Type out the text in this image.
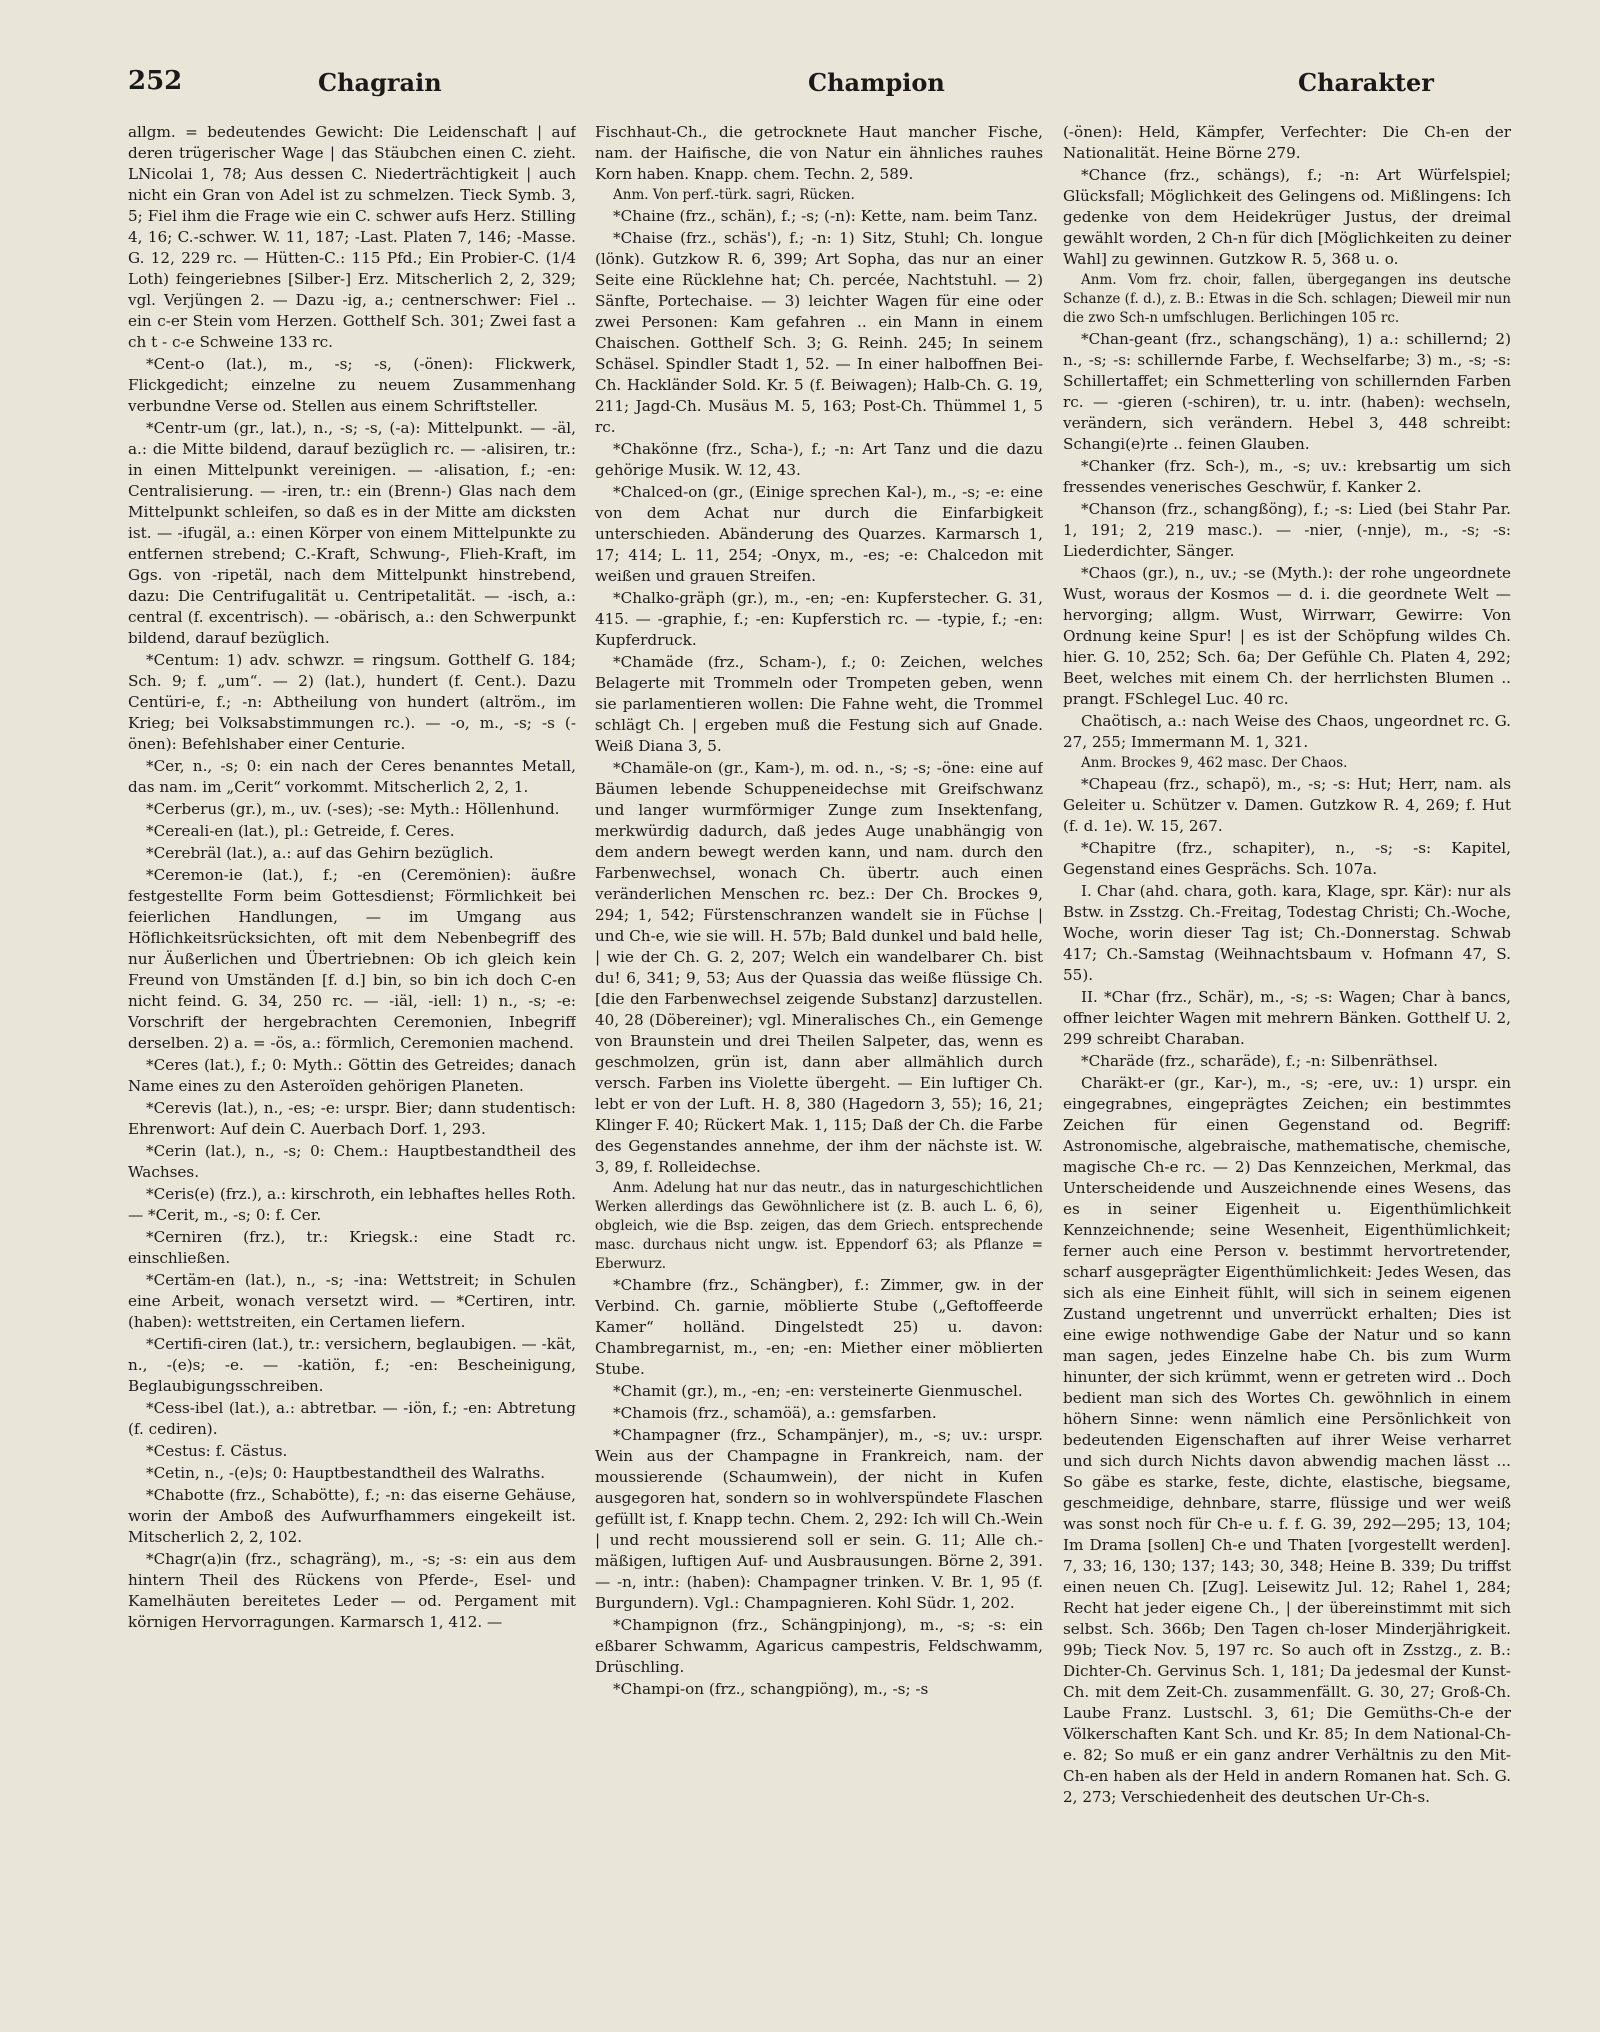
252	Chagrain	Champion	Charakter

allgm. = bedeutendes Gewicht: Die Leidenschaft | auf deren trügerischer Wage | das Stäubchen einen C. zieht. LNicolai 1, 78; Aus dessen C. Niederträchtigkeit | auch nicht ein Gran von Adel ist zu schmelzen. Tieck Symb. 3, 5; Fiel ihm die Frage wie ein C. schwer aufs Herz. Stilling 4, 16; C.-schwer. W. 11, 187; -Last. Platen 7, 146; -Masse. G. 12, 229 rc. — Hütten-C.: 115 Pfd.; Ein Probier-C. (1/4 Loth) feingeriebnes [Silber-] Erz. Mitscherlich 2, 2, 329; vgl. Verjüngen 2. — Dazu -ig, a.; centnerschwer: Fiel .. ein c-er Stein vom Herzen. Gotthelf Sch. 301; Zwei fast a ch t - c-e Schweine 133 rc.

*Cent-o (lat.), m., -s; -s, (-önen): Flickwerk, Flickgedicht; einzelne zu neuem Zusammenhang verbundne Verse od. Stellen aus einem Schriftsteller.

*Centr-um (gr., lat.), n., -s; -s, (-a): Mittelpunkt. — -äl, a.: die Mitte bildend, darauf bezüglich rc. — -alisiren, tr.: in einen Mittelpunkt vereinigen. — -alisation, f.; -en: Centralisierung. — -iren, tr.: ein (Brenn-) Glas nach dem Mittelpunkt schleifen, so daß es in der Mitte am dicksten ist. — -ifugäl, a.: einen Körper von einem Mittelpunkte zu entfernen strebend; C.-Kraft, Schwung-, Flieh-Kraft, im Ggs. von -ripetäl, nach dem Mittelpunkt hinstrebend, dazu: Die Centrifugalität u. Centripetalität. — -isch, a.: central (f. excentrisch). — -obärisch, a.: den Schwerpunkt bildend, darauf bezüglich.

*Centum: 1) adv. schwzr. = ringsum. Gotthelf G. 184; Sch. 9; f. „um“. — 2) (lat.), hundert (f. Cent.). Dazu Centüri-e, f.; -n: Abtheilung von hundert (altröm., im Krieg; bei Volksabstimmungen rc.). — -o, m., -s; -s (-önen): Befehlshaber einer Centurie.

*Cer, n., -s; 0: ein nach der Ceres benanntes Metall, das nam. im „Cerit“ vorkommt. Mitscherlich 2, 2, 1.

*Cerberus (gr.), m., uv. (-ses); -se: Myth.: Höllenhund.

*Cereali-en (lat.), pl.: Getreide, f. Ceres.

*Cerebräl (lat.), a.: auf das Gehirn bezüglich.

*Ceremon-ie (lat.), f.; -en (Ceremönien): äußre festgestellte Form beim Gottesdienst; Förmlichkeit bei feierlichen Handlungen, — im Umgang aus Höflichkeitsrücksichten, oft mit dem Nebenbegriff des nur Äußerlichen und Übertriebnen: Ob ich gleich kein Freund von Umständen [f. d.] bin, so bin ich doch C-en nicht feind. G. 34, 250 rc. — -iäl, -iell: 1) n., -s; -e: Vorschrift der hergebrachten Ceremonien, Inbegriff derselben. 2) a. = -ös, a.: förmlich, Ceremonien machend.

*Ceres (lat.), f.; 0: Myth.: Göttin des Getreides; danach Name eines zu den Asteroïden gehörigen Planeten.

*Cerevis (lat.), n., -es; -e: urspr. Bier; dann studentisch: Ehrenwort: Auf dein C. Auerbach Dorf. 1, 293.

*Cerin (lat.), n., -s; 0: Chem.: Hauptbestandtheil des Wachses.

*Ceris(e) (frz.), a.: kirschroth, ein lebhaftes helles Roth. — *Cerit, m., -s; 0: f. Cer.

*Cerniren (frz.), tr.: Kriegsk.: eine Stadt rc. einschließen.

*Certäm-en (lat.), n., -s; -ina: Wettstreit; in Schulen eine Arbeit, wonach versetzt wird. — *Certiren, intr. (haben): wettstreiten, ein Certamen liefern.

*Certifi-ciren (lat.), tr.: versichern, beglaubigen. — -kät, n., -(e)s; -e. — -katiön, f.; -en: Bescheinigung, Beglaubigungsschreiben.

*Cess-ibel (lat.), a.: abtretbar. — -iön, f.; -en: Abtretung (f. cediren).

*Cestus: f. Cästus.

*Cetin, n., -(e)s; 0: Hauptbestandtheil des Walraths.

*Chabotte (frz., Schabötte), f.; -n: das eiserne Gehäuse, worin der Amboß des Aufwurfhammers eingekeilt ist. Mitscherlich 2, 2, 102.

*Chagr(a)in (frz., schagräng), m., -s; -s: ein aus dem hintern Theil des Rückens von Pferde-, Esel- und Kamelhäuten bereitetes Leder — od. Pergament mit körnigen Hervorragungen. Karmarsch 1, 412. —

Fischhaut-Ch., die getrocknete Haut mancher Fische, nam. der Haifische, die von Natur ein ähnliches rauhes Korn haben. Knapp. chem. Techn. 2, 589.

Anm. Von perf.-türk. sagri, Rücken.

*Chaine (frz., schän), f.; -s; (-n): Kette, nam. beim Tanz.

*Chaise (frz., schäs'), f.; -n: 1) Sitz, Stuhl; Ch. longue (lönk). Gutzkow R. 6, 399; Art Sopha, das nur an einer Seite eine Rücklehne hat; Ch. percée, Nachtstuhl. — 2) Sänfte, Portechaise. — 3) leichter Wagen für eine oder zwei Personen: Kam gefahren .. ein Mann in einem Chaischen. Gotthelf Sch. 3; G. Reinh. 245; In seinem Schäsel. Spindler Stadt 1, 52. — In einer halboffnen Bei-Ch. Hackländer Sold. Kr. 5 (f. Beiwagen); Halb-Ch. G. 19, 211; Jagd-Ch. Musäus M. 5, 163; Post-Ch. Thümmel 1, 5 rc.

*Chakönne (frz., Scha-), f.; -n: Art Tanz und die dazu gehörige Musik. W. 12, 43.

*Chalced-on (gr., (Einige sprechen Kal-), m., -s; -e: eine von dem Achat nur durch die Einfarbigkeit unterschieden. Abänderung des Quarzes. Karmarsch 1, 17; 414; L. 11, 254; -Onyx, m., -es; -e: Chalcedon mit weißen und grauen Streifen.

*Chalko-gräph (gr.), m., -en; -en: Kupferstecher. G. 31, 415. — -graphie, f.; -en: Kupferstich rc. — -typie, f.; -en: Kupferdruck.

*Chamäde (frz., Scham-), f.; 0: Zeichen, welches Belagerte mit Trommeln oder Trompeten geben, wenn sie parlamentieren wollen: Die Fahne weht, die Trommel schlägt Ch. | ergeben muß die Festung sich auf Gnade. Weiß Diana 3, 5.

*Chamäle-on (gr., Kam-), m. od. n., -s; -s; -öne: eine auf Bäumen lebende Schuppeneidechse mit Greifschwanz und langer wurmförmiger Zunge zum Insektenfang, merkwürdig dadurch, daß jedes Auge unabhängig von dem andern bewegt werden kann, und nam. durch den Farbenwechsel, wonach Ch. übertr. auch einen veränderlichen Menschen rc. bez.: Der Ch. Brockes 9, 294; 1, 542; Fürstenschranzen wandelt sie in Füchse | und Ch-e, wie sie will. H. 57b; Bald dunkel und bald helle, | wie der Ch. G. 2, 207; Welch ein wandelbarer Ch. bist du! 6, 341; 9, 53; Aus der Quassia das weiße flüssige Ch. [die den Farbenwechsel zeigende Substanz] darzustellen. 40, 28 (Döbereiner); vgl. Mineralisches Ch., ein Gemenge von Braunstein und drei Theilen Salpeter, das, wenn es geschmolzen, grün ist, dann aber allmählich durch versch. Farben ins Violette übergeht. — Ein luftiger Ch. lebt er von der Luft. H. 8, 380 (Hagedorn 3, 55); 16, 21; Klinger F. 40; Rückert Mak. 1, 115; Daß der Ch. die Farbe des Gegenstandes annehme, der ihm der nächste ist. W. 3, 89, f. Rolleidechse.

Anm. Adelung hat nur das neutr., das in naturgeschichtlichen Werken allerdings das Gewöhnlichere ist (z. B. auch L. 6, 6), obgleich, wie die Bsp. zeigen, das dem Griech. entsprechende masc. durchaus nicht ungw. ist. Eppendorf 63; als Pflanze = Eberwurz.

*Chambre (frz., Schängber), f.: Zimmer, gw. in der Verbind. Ch. garnie, möblierte Stube („Geftoffeerde Kamer“ holländ. Dingelstedt 25) u. davon: Chambregarnist, m., -en; -en: Miether einer möblierten Stube.

*Chamit (gr.), m., -en; -en: versteinerte Gienmuschel.

*Chamois (frz., schamöä), a.: gemsfarben.

*Champagner (frz., Schampänjer), m., -s; uv.: urspr. Wein aus der Champagne in Frankreich, nam. der moussierende (Schaumwein), der nicht in Kufen ausgegoren hat, sondern so in wohlverspündete Flaschen gefüllt ist, f. Knapp techn. Chem. 2, 292: Ich will Ch.-Wein | und recht moussierend soll er sein. G. 11; Alle ch.-mäßigen, luftigen Auf- und Ausbrausungen. Börne 2, 391. — -n, intr.: (haben): Champagner trinken. V. Br. 1, 95 (f. Burgundern). Vgl.: Champagnieren. Kohl Südr. 1, 202.

*Champignon (frz., Schängpinjong), m., -s; -s: ein eßbarer Schwamm, Agaricus campestris, Feldschwamm, Drüschling.

*Champi-on (frz., schangpiöng), m., -s; -s

(-önen): Held, Kämpfer, Verfechter: Die Ch-en der Nationalität. Heine Börne 279.

*Chance (frz., schängs), f.; -n: Art Würfelspiel; Glücksfall; Möglichkeit des Gelingens od. Mißlingens: Ich gedenke von dem Heidekrüger Justus, der dreimal gewählt worden, 2 Ch-n für dich [Möglichkeiten zu deiner Wahl] zu gewinnen. Gutzkow R. 5, 368 u. o.

Anm. Vom frz. choir, fallen, übergegangen ins deutsche Schanze (f. d.), z. B.: Etwas in die Sch. schlagen; Dieweil mir nun die zwo Sch-n umfschlugen. Berlichingen 105 rc.

*Chan-geant (frz., schangschäng), 1) a.: schillernd; 2) n., -s; -s: schillernde Farbe, f. Wechselfarbe; 3) m., -s; -s: Schillertaffet; ein Schmetterling von schillernden Farben rc. — -gieren (-schiren), tr. u. intr. (haben): wechseln, verändern, sich verändern. Hebel 3, 448 schreibt: Schangi(e)rte .. feinen Glauben.

*Chanker (frz. Sch-), m., -s; uv.: krebsartig um sich fressendes venerisches Geschwür, f. Kanker 2.

*Chanson (frz., schangßöng), f.; -s: Lied (bei Stahr Par. 1, 191; 2, 219 masc.). — -nier, (-nnje), m., -s; -s: Liederdichter, Sänger.

*Chaos (gr.), n., uv.; -se (Myth.): der rohe ungeordnete Wust, woraus der Kosmos — d. i. die geordnete Welt — hervorging; allgm. Wust, Wirrwarr, Gewirre: Von Ordnung keine Spur! | es ist der Schöpfung wildes Ch. hier. G. 10, 252; Sch. 6a; Der Gefühle Ch. Platen 4, 292; Beet, welches mit einem Ch. der herrlichsten Blumen .. prangt. FSchlegel Luc. 40 rc.

Chaötisch, a.: nach Weise des Chaos, ungeordnet rc. G. 27, 255; Immermann M. 1, 321.

Anm. Brockes 9, 462 masc. Der Chaos.

*Chapeau (frz., schapö), m., -s; -s: Hut; Herr, nam. als Geleiter u. Schützer v. Damen. Gutzkow R. 4, 269; f. Hut (f. d. 1e). W. 15, 267.

*Chapitre (frz., schapiter), n., -s; -s: Kapitel, Gegenstand eines Gesprächs. Sch. 107a.

I. Char (ahd. chara, goth. kara, Klage, spr. Kär): nur als Bstw. in Zsstzg. Ch.-Freitag, Todestag Christi; Ch.-Woche, Woche, worin dieser Tag ist; Ch.-Donnerstag. Schwab 417; Ch.-Samstag (Weihnachtsbaum v. Hofmann 47, S. 55).

II. *Char (frz., Schär), m., -s; -s: Wagen; Char à bancs, offner leichter Wagen mit mehrern Bänken. Gotthelf U. 2, 299 schreibt Charaban.

*Charäde (frz., scharäde), f.; -n: Silbenräthsel.

Charäkt-er (gr., Kar-), m., -s; -ere, uv.: 1) urspr. ein eingegrabnes, eingeprägtes Zeichen; ein bestimmtes Zeichen für einen Gegenstand od. Begriff: Astronomische, algebraische, mathematische, chemische, magische Ch-e rc. — 2) Das Kennzeichen, Merkmal, das Unterscheidende und Auszeichnende eines Wesens, das es in seiner Eigenheit u. Eigenthümlichkeit Kennzeichnende; seine Wesenheit, Eigenthümlichkeit; ferner auch eine Person v. bestimmt hervortretender, scharf ausgeprägter Eigenthümlichkeit: Jedes Wesen, das sich als eine Einheit fühlt, will sich in seinem eigenen Zustand ungetrennt und unverrückt erhalten; Dies ist eine ewige nothwendige Gabe der Natur und so kann man sagen, jedes Einzelne habe Ch. bis zum Wurm hinunter, der sich krümmt, wenn er getreten wird .. Doch bedient man sich des Wortes Ch. gewöhnlich in einem höhern Sinne: wenn nämlich eine Persönlichkeit von bedeutenden Eigenschaften auf ihrer Weise verharret und sich durch Nichts davon abwendig machen lässt ... So gäbe es starke, feste, dichte, elastische, biegsame, geschmeidige, dehnbare, starre, flüssige und wer weiß was sonst noch für Ch-e u. f. f. G. 39, 292—295; 13, 104; Im Drama [sollen] Ch-e und Thaten [vorgestellt werden]. 7, 33; 16, 130; 137; 143; 30, 348; Heine B. 339; Du triffst einen neuen Ch. [Zug]. Leisewitz Jul. 12; Rahel 1, 284; Recht hat jeder eigene Ch., | der übereinstimmt mit sich selbst. Sch. 366b; Den Tagen ch-loser Minderjährigkeit. 99b; Tieck Nov. 5, 197 rc. So auch oft in Zsstzg., z. B.: Dichter-Ch. Gervinus Sch. 1, 181; Da jedesmal der Kunst-Ch. mit dem Zeit-Ch. zusammenfällt. G. 30, 27; Groß-Ch. Laube Franz. Lustschl. 3, 61; Die Gemüths-Ch-e der Völkerschaften Kant Sch. und Kr. 85; In dem National-Ch-e. 82; So muß er ein ganz andrer Verhältnis zu den Mit-Ch-en haben als der Held in andern Romanen hat. Sch. G. 2, 273; Verschiedenheit des deutschen Ur-Ch-s.
